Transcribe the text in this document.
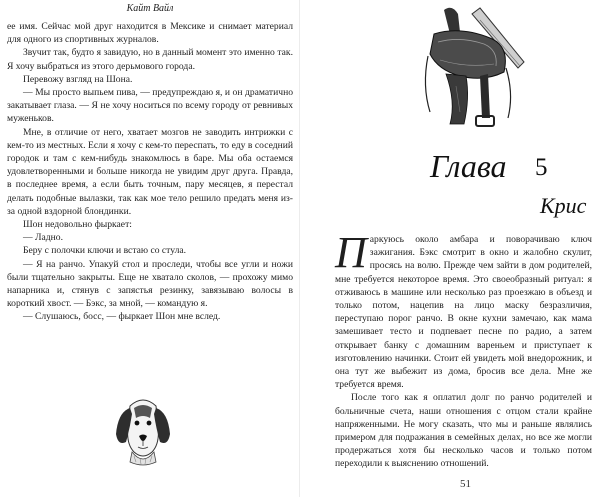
Кайт Вайл

ее имя. Сейчас мой друг находится в Мексике и снимает материал для одного из спортивных журналов.

Звучит так, будто я завидую, но в данный момент это именно так. Я хочу выбраться из этого дерьмового города.

Перевожу взгляд на Шона.

— Мы просто выпьем пива, — предупреждаю я, и он драматично закатывает глаза. — Я не хочу носиться по всему городу от ревнивых муженьков.

Мне, в отличие от него, хватает мозгов не заводить интрижки с кем-то из местных. Если я хочу с кем-то переспать, то еду в соседний городок и там с кем-нибудь знакомлюсь в баре. Мы оба остаемся удовлетворенными и больше никогда не увидим друг друга. Правда, в последнее время, а если быть точным, пару месяцев, я перестал делать подобные вылазки, так как мое тело решило предать меня из-за одной вздорной блондинки.

Шон недовольно фыркает:

— Ладно.

Беру с полочки ключи и встаю со стула.

— Я на ранчо. Упакуй стол и проследи, чтобы все угли и ножи были тщательно закрыты. Еще не хватало сколов, — прохожу мимо напарника и, стянув с запястья резинку, завязываю волосы в короткий хвост. — Бэкс, за мной, — командую я.

— Слушаюсь, босс, — фыркает Шон мне вслед.

Глава 5
Крис

Паркуюсь около амбара и поворачиваю ключ зажигания. Бэкс смотрит в окно и жалобно скулит, просясь на волю. Прежде чем зайти в дом родителей, мне требуется некоторое время. Это своеобразный ритуал: я отживаюсь в машине или несколько раз проезжаю в объезд и только потом, нацепив на лицо маску безразличия, переступаю порог ранчо. В окне кухни замечаю, как мама замешивает тесто и подпевает песне по радио, а затем открывает банку с домашним вареньем и приступает к изготовлению начинки. Стоит ей увидеть мой внедорожник, и она тут же выбежит из дома, бросив все дела. Мне же требуется время.

После того как я оплатил долг по ранчо родителей и больничные счета, наши отношения с отцом стали крайне напряженными. Не могу сказать, что мы и раньше являлись примером для подражания в семейных делах, но все же могли продержаться хотя бы несколько часов и только потом переходили к выяснению отношений.

51
